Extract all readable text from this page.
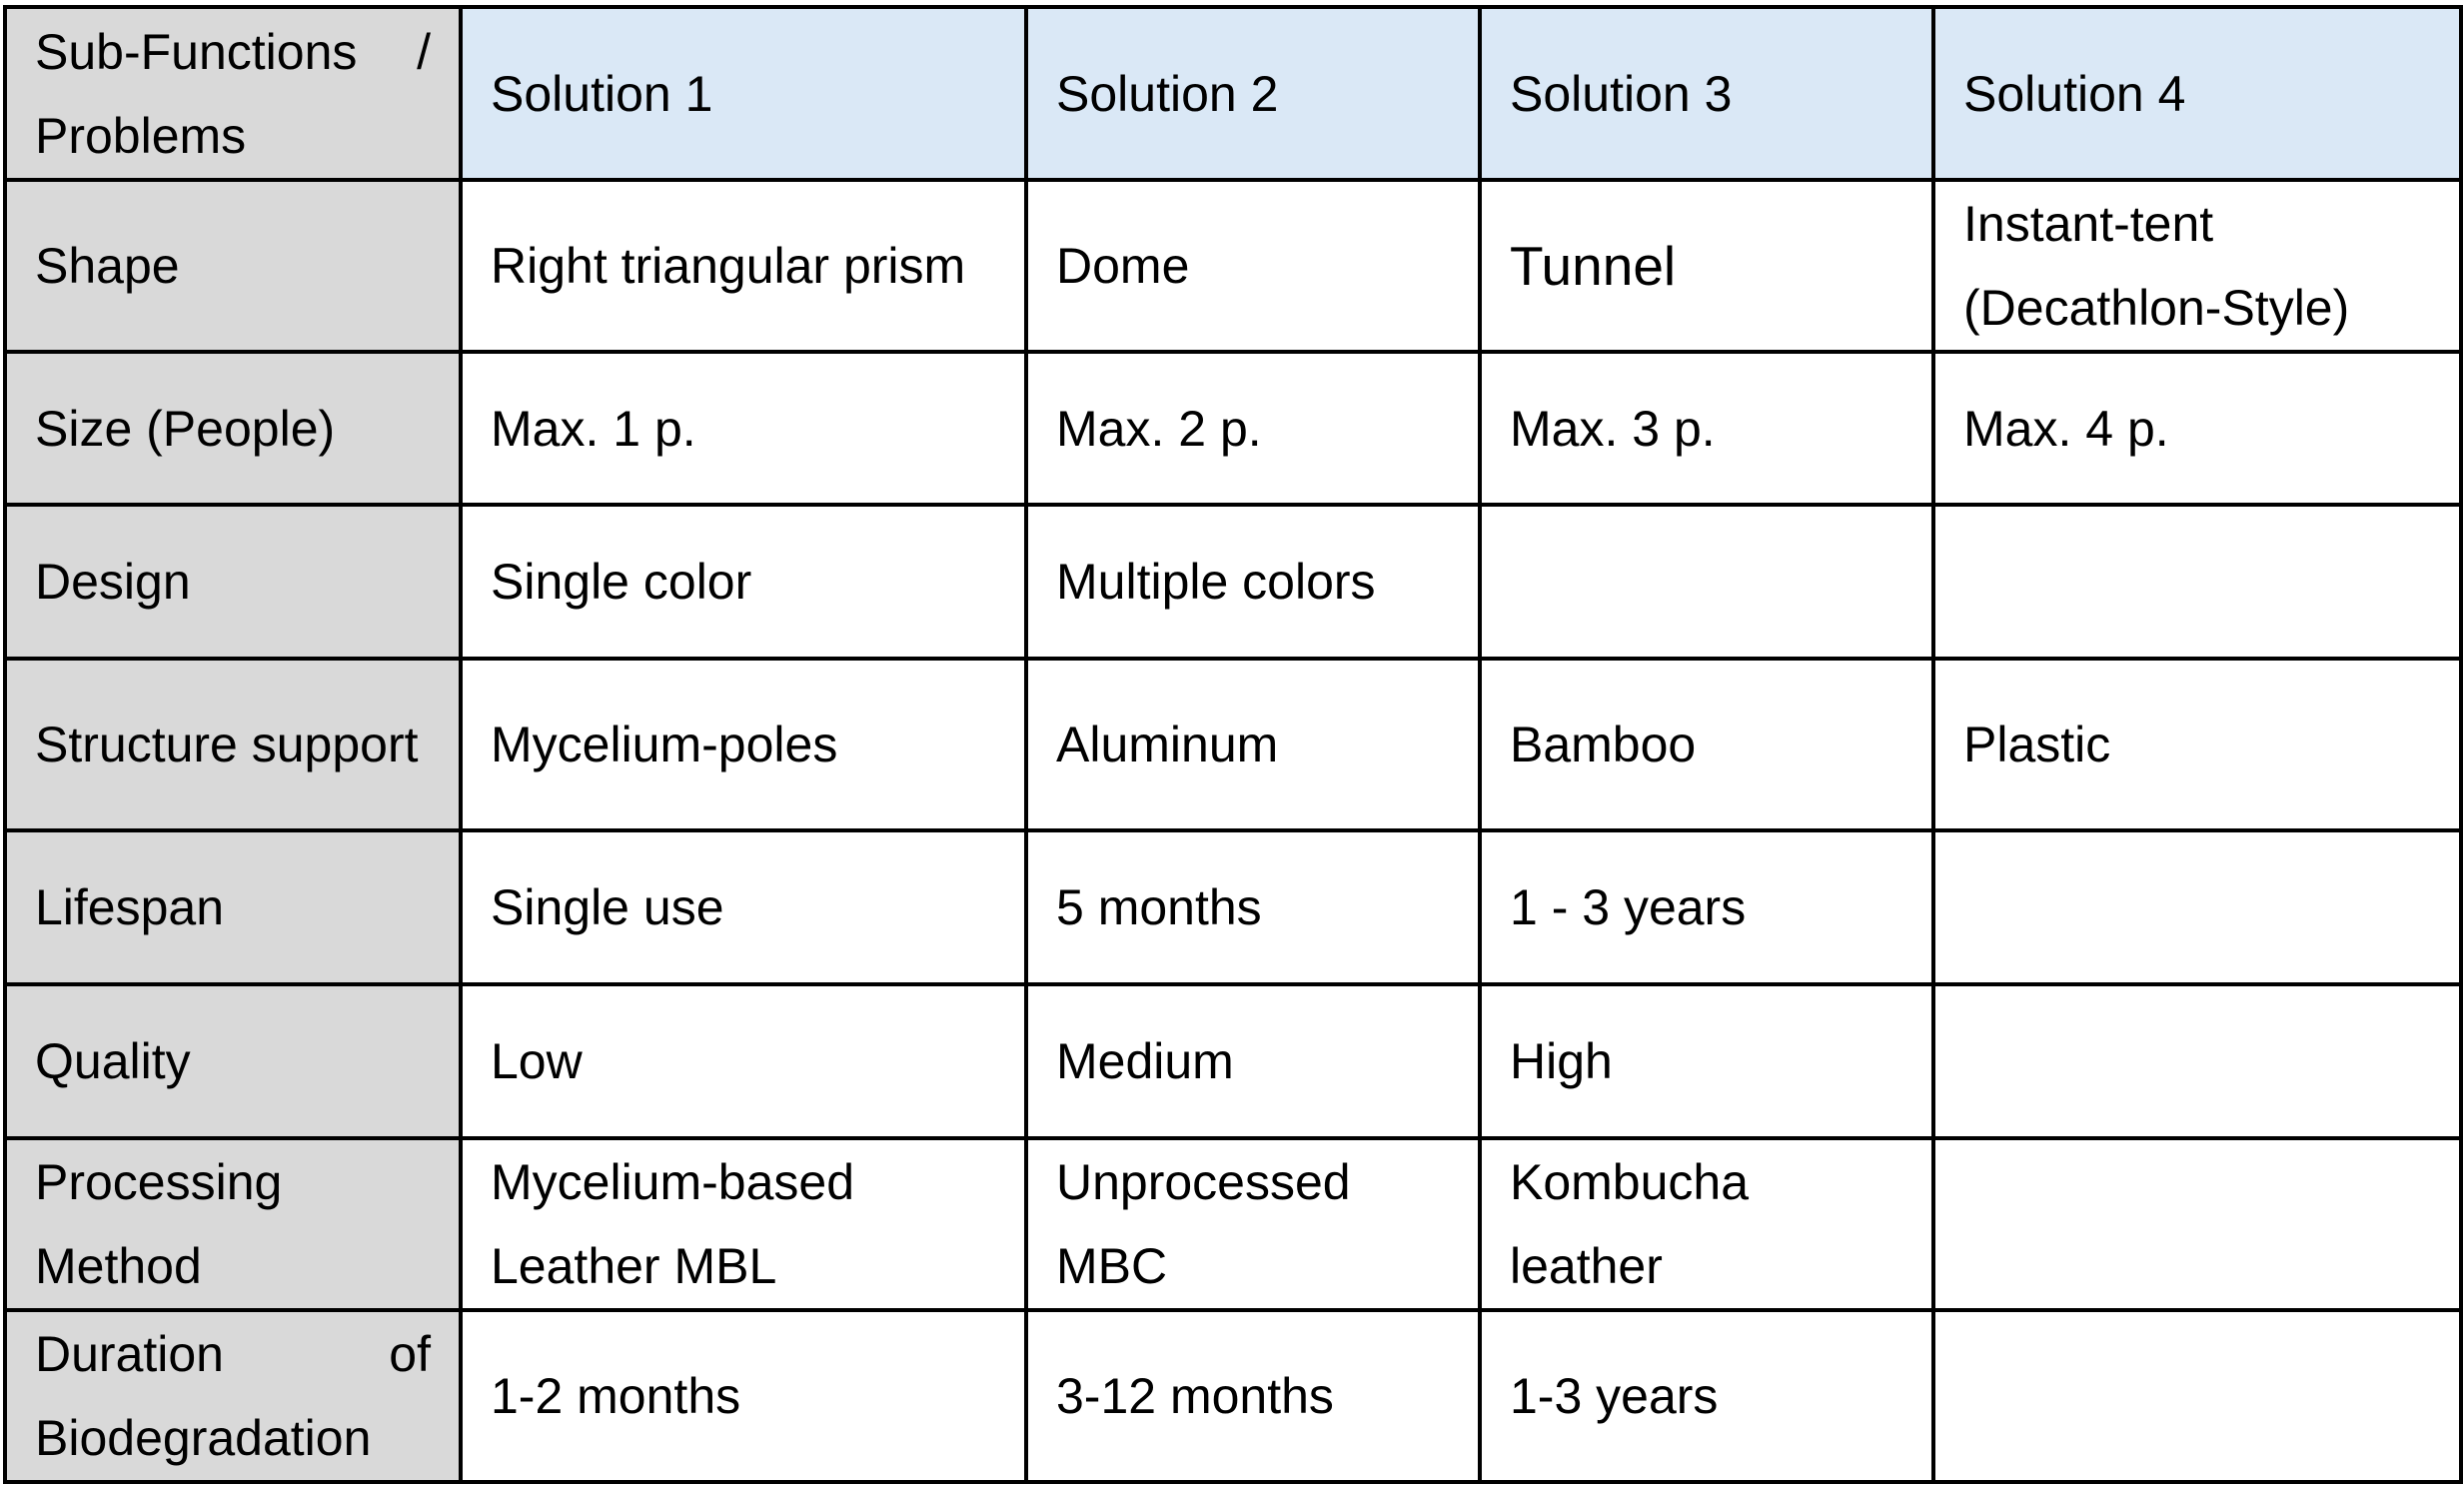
Sub-Functions / Problems	Solution 1	Solution 2	Solution 3	Solution 4
Shape	Right triangular prism	Dome	Tunnel	Instant-tent (Decathlon-Style)
Size (People)	Max. 1 p.	Max. 2 p.	Max. 3 p.	Max. 4 p.
Design	Single color	Multiple colors		
Structure support	Mycelium-poles	Aluminum	Bamboo	Plastic
Lifespan	Single use	5 months	1 - 3 years	
Quality	Low	Medium	High	
Processing Method	Mycelium-based Leather MBL	Unprocessed MBC	Kombucha leather	
Duration of Biodegradation	1-2 months	3-12 months	1-3 years	
